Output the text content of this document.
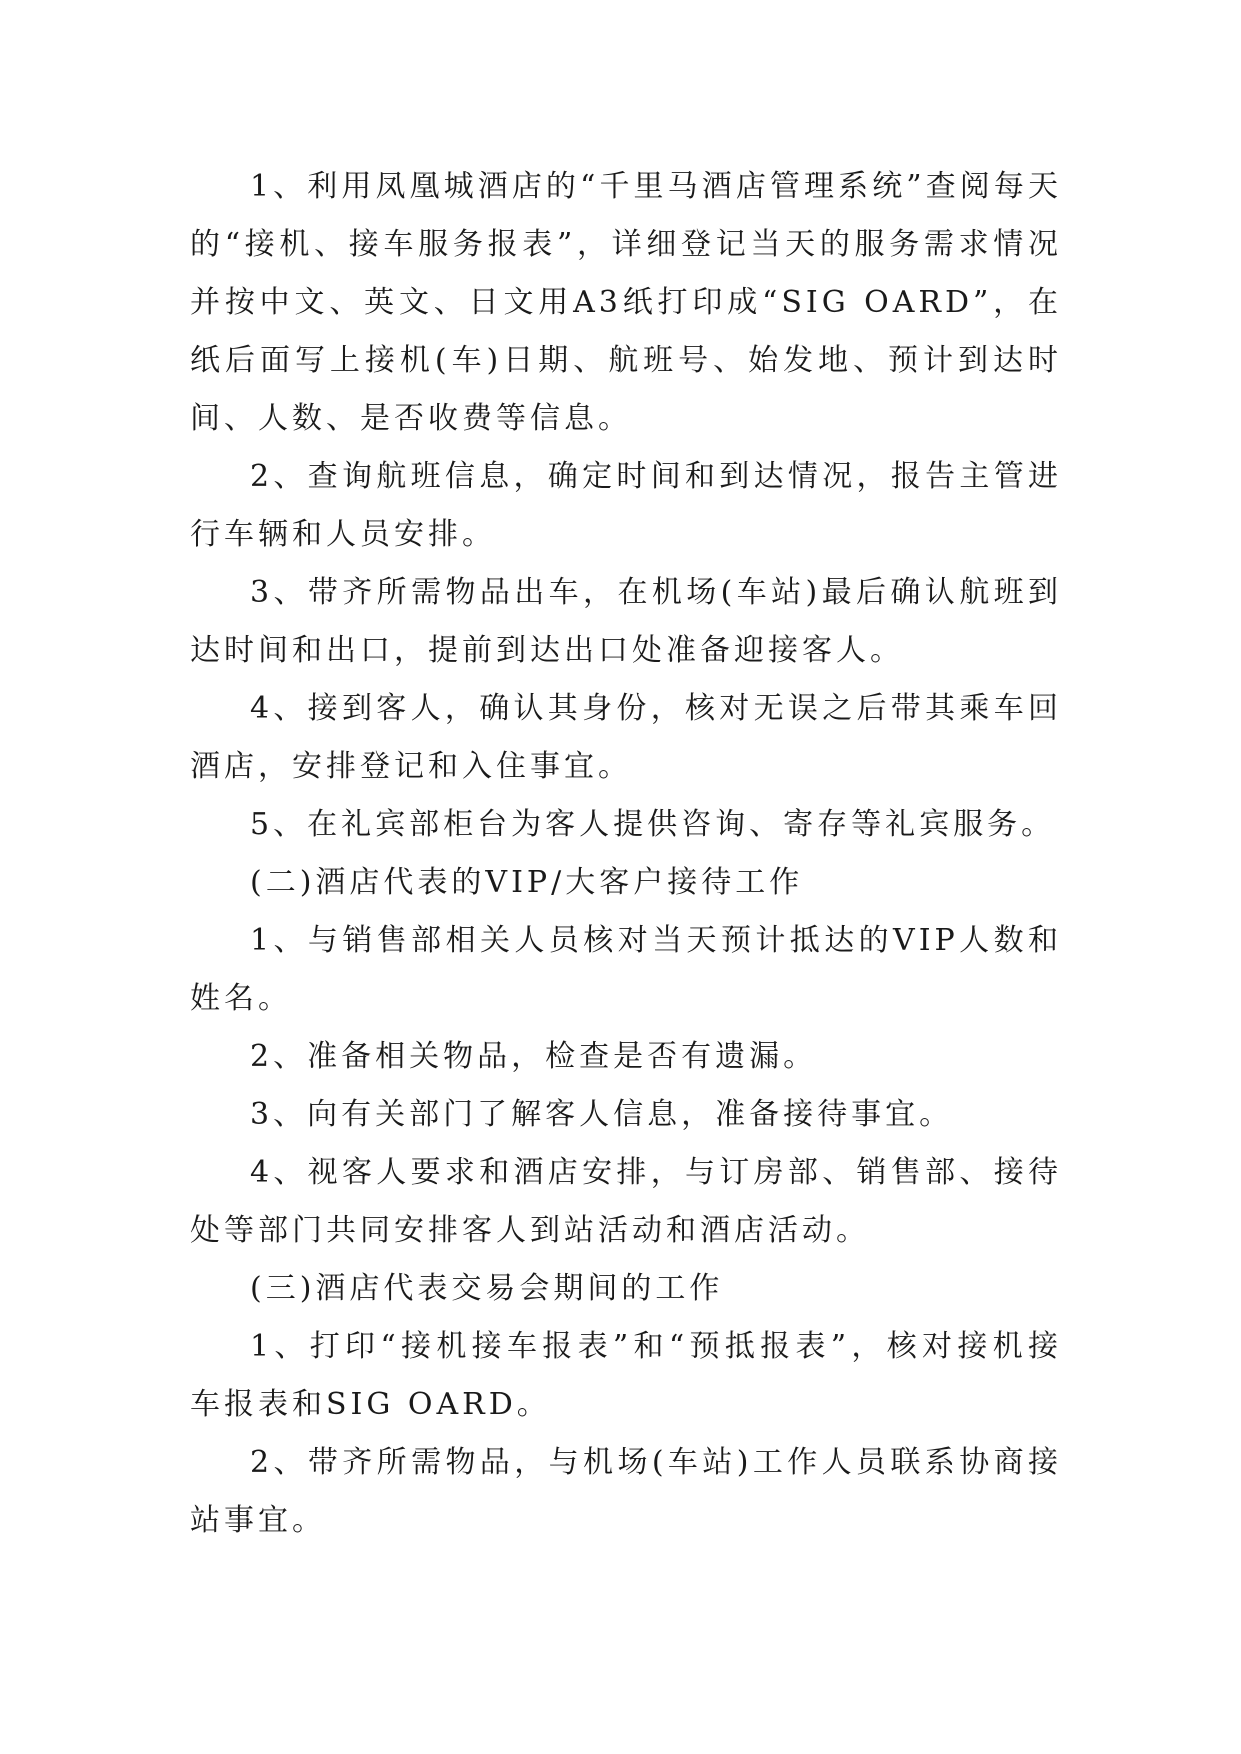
1、利用凤凰城酒店的“千里马酒店管理系统”查阅每天的“接机、接车服务报表”，详细登记当天的服务需求情况并按中文、英文、日文用A3纸打印成“SIG OARD”，在纸后面写上接机(车)日期、航班号、始发地、预计到达时间、人数、是否收费等信息。

2、查询航班信息，确定时间和到达情况，报告主管进行车辆和人员安排。

3、带齐所需物品出车，在机场(车站)最后确认航班到达时间和出口，提前到达出口处准备迎接客人。

4、接到客人，确认其身份，核对无误之后带其乘车回酒店，安排登记和入住事宜。

5、在礼宾部柜台为客人提供咨询、寄存等礼宾服务。

(二)酒店代表的VIP/大客户接待工作

1、与销售部相关人员核对当天预计抵达的VIP人数和姓名。

2、准备相关物品，检查是否有遗漏。

3、向有关部门了解客人信息，准备接待事宜。

4、视客人要求和酒店安排，与订房部、销售部、接待处等部门共同安排客人到站活动和酒店活动。

(三)酒店代表交易会期间的工作

1、打印“接机接车报表”和“预抵报表”，核对接机接车报表和SIG OARD。

2、带齐所需物品，与机场(车站)工作人员联系协商接站事宜。
